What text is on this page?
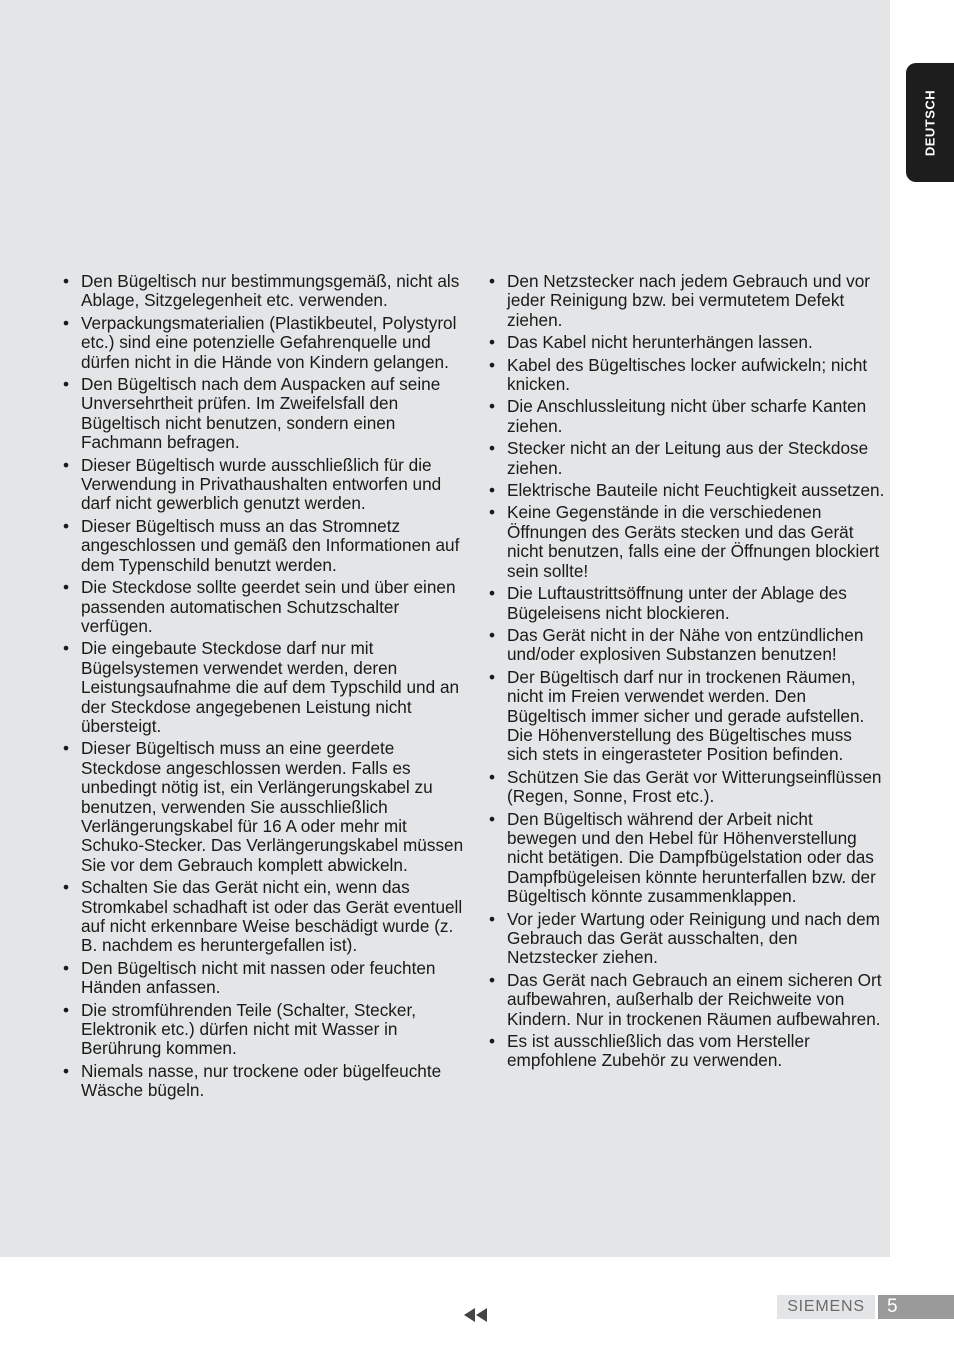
DEUTSCH
• Den Bügeltisch nur bestimmungsgemäß, nicht als Ablage, Sitzgelegenheit etc. verwenden.
• Verpackungsmaterialien (Plastikbeutel, Polystyrol etc.) sind eine potenzielle Gefahrenquelle und dürfen nicht in die Hände von Kindern gelangen.
• Den Bügeltisch nach dem Auspacken auf seine Unversehrtheit prüfen. Im Zweifelsfall den Bügeltisch nicht benutzen, sondern einen Fachmann befragen.
• Dieser Bügeltisch wurde ausschließlich für die Verwendung in Privathaushalten entworfen und darf nicht gewerblich genutzt werden.
• Dieser Bügeltisch muss an das Stromnetz angeschlossen und gemäß den Informationen auf dem Typenschild benutzt werden.
• Die Steckdose sollte geerdet sein und über einen passenden automatischen Schutzschalter verfügen.
• Die eingebaute Steckdose darf nur mit Bügelsystemen verwendet werden, deren Leistungsaufnahme die auf dem Typschild und an der Steckdose angegebenen Leistung nicht übersteigt.
• Dieser Bügeltisch muss an eine geerdete Steckdose angeschlossen werden. Falls es unbedingt nötig ist, ein Verlängerungskabel zu benutzen, verwenden Sie ausschließlich Verlängerungskabel für 16 A oder mehr mit Schuko-Stecker. Das Verlängerungskabel müssen Sie vor dem Gebrauch komplett abwickeln.
• Schalten Sie das Gerät nicht ein, wenn das Stromkabel schadhaft ist oder das Gerät eventuell auf nicht erkennbare Weise beschädigt wurde (z. B. nachdem es heruntergefallen ist).
• Den Bügeltisch nicht mit nassen oder feuchten Händen anfassen.
• Die stromführenden Teile (Schalter, Stecker, Elektronik etc.) dürfen nicht mit Wasser in Berührung kommen.
• Niemals nasse, nur trockene oder bügelfeuchte Wäsche bügeln.
• Den Netzstecker nach jedem Gebrauch und vor jeder Reinigung bzw. bei vermutetem Defekt ziehen.
• Das Kabel nicht herunterhängen lassen.
• Kabel des Bügeltisches locker aufwickeln; nicht knicken.
• Die Anschlussleitung nicht über scharfe Kanten ziehen.
• Stecker nicht an der Leitung aus der Steckdose ziehen.
• Elektrische Bauteile nicht Feuchtigkeit aussetzen.
• Keine Gegenstände in die verschiedenen Öffnungen des Geräts stecken und das Gerät nicht benutzen, falls eine der Öffnungen blockiert sein sollte!
• Die Luftaustrittsöffnung unter der Ablage des Bügeleisens nicht blockieren.
• Das Gerät nicht in der Nähe von entzündlichen und/oder explosiven Substanzen benutzen!
• Der Bügeltisch darf nur in trockenen Räumen, nicht im Freien verwendet werden. Den Bügeltisch immer sicher und gerade aufstellen. Die Höhenverstellung des Bügeltisches muss sich stets in eingerasteter Position befinden.
• Schützen Sie das Gerät vor Witterungseinflüssen (Regen, Sonne, Frost etc.).
• Den Bügeltisch während der Arbeit nicht bewegen und den Hebel für Höhenverstellung nicht betätigen. Die Dampfbügelstation oder das Dampfbügeleisen könnte herunterfallen bzw. der Bügeltisch könnte zusammenklappen.
• Vor jeder Wartung oder Reinigung und nach dem Gebrauch das Gerät ausschalten, den Netzstecker ziehen.
• Das Gerät nach Gebrauch an einem sicheren Ort aufbewahren, außerhalb der Reichweite von Kindern. Nur in trockenen Räumen aufbewahren.
• Es ist ausschließlich das vom Hersteller empfohlene Zubehör zu verwenden.
SIEMENS	5
